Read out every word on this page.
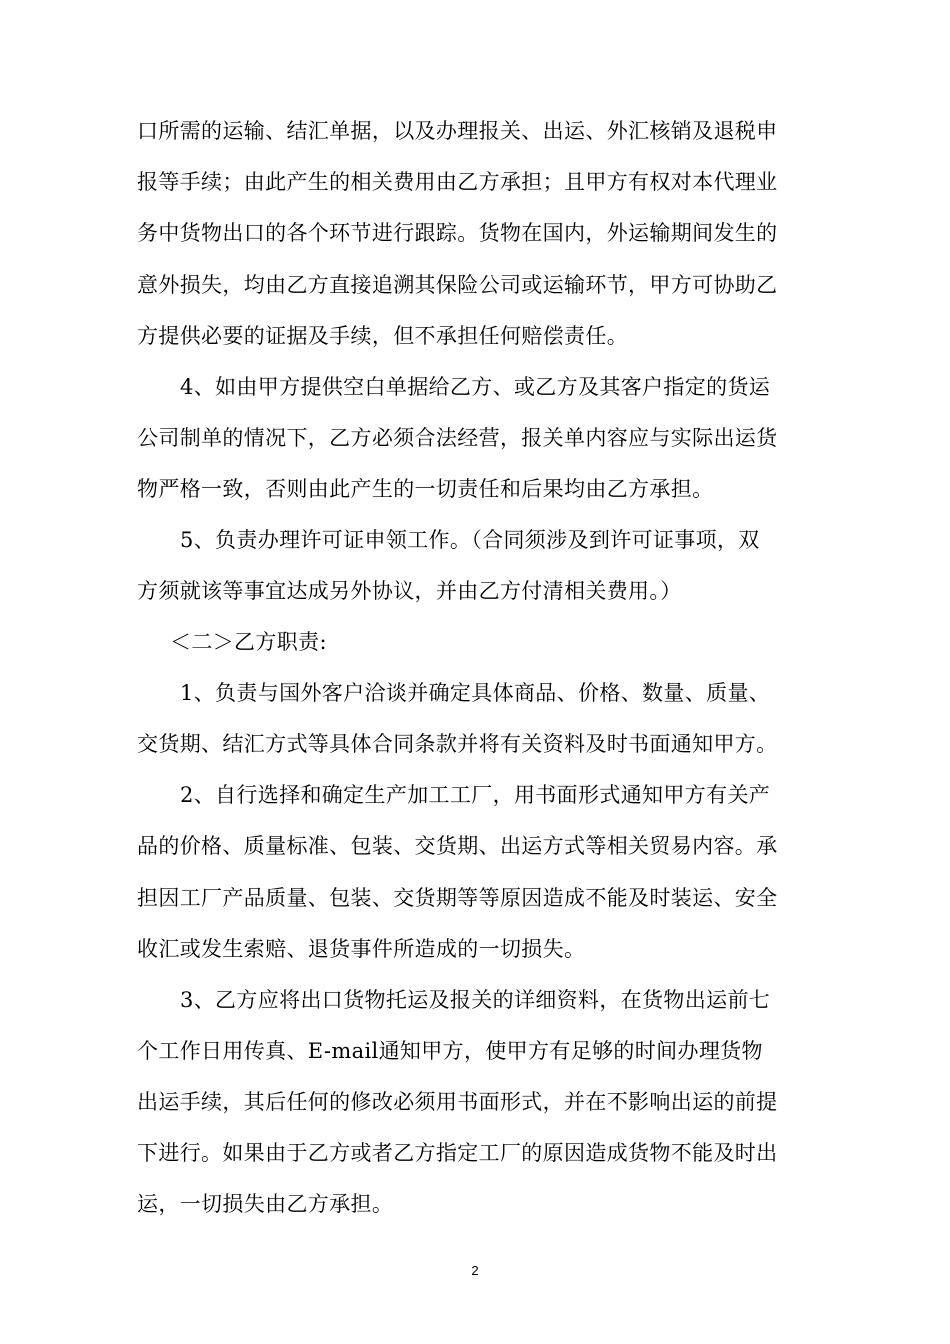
口所需的运输、结汇单据，以及办理报关、出运、外汇核销及退税申
报等手续；由此产生的相关费用由乙方承担；且甲方有权对本代理业
务中货物出口的各个环节进行跟踪。货物在国内，外运输期间发生的
意外损失，均由乙方直接追溯其保险公司或运输环节，甲方可协助乙
方提供必要的证据及手续，但不承担任何赔偿责任。
4、如由甲方提供空白单据给乙方、或乙方及其客户指定的货运
公司制单的情况下，乙方必须合法经营，报关单内容应与实际出运货
物严格一致，否则由此产生的一切责任和后果均由乙方承担。
5、负责办理许可证申领工作。（合同须涉及到许可证事项，双
方须就该等事宜达成另外协议，并由乙方付清相关费用。）
＜二＞乙方职责:
1、负责与国外客户洽谈并确定具体商品、价格、数量、质量、
交货期、结汇方式等具体合同条款并将有关资料及时书面通知甲方。
2、自行选择和确定生产加工工厂，用书面形式通知甲方有关产
品的价格、质量标准、包装、交货期、出运方式等相关贸易内容。承
担因工厂产品质量、包装、交货期等等原因造成不能及时装运、安全
收汇或发生索赔、退货事件所造成的一切损失。
3、乙方应将出口货物托运及报关的详细资料，在货物出运前七
个工作日用传真、E-mail通知甲方，使甲方有足够的时间办理货物
出运手续，其后任何的修改必须用书面形式，并在不影响出运的前提
下进行。如果由于乙方或者乙方指定工厂的原因造成货物不能及时出
运，一切损失由乙方承担。
2
